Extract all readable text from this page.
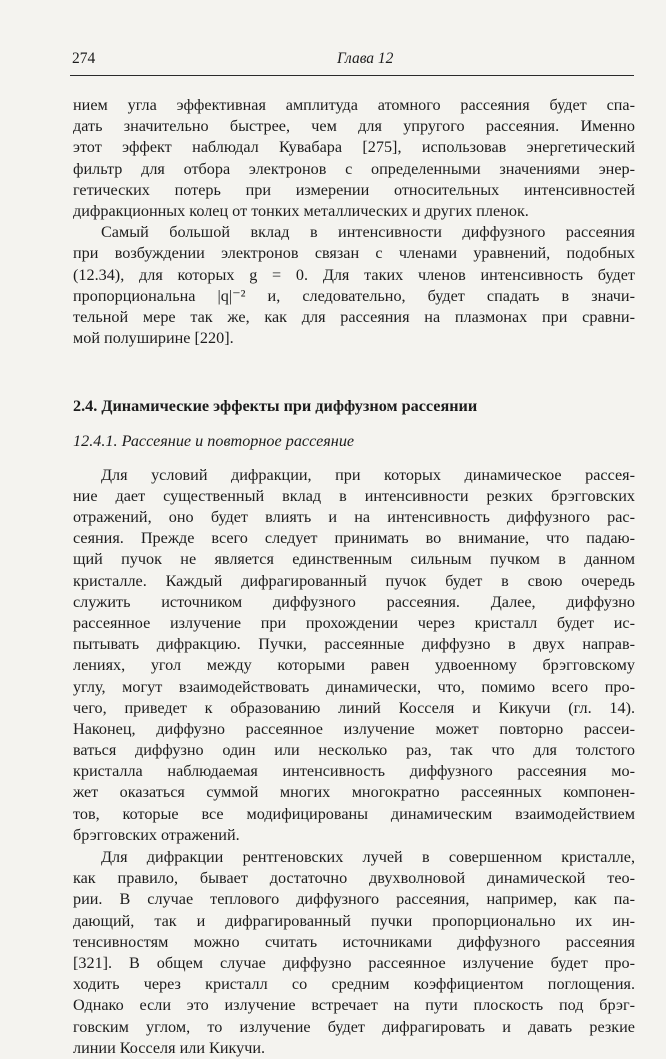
274	Глава 12
нием угла эффективная амплитуда атомного рассеяния будет спа-
дать значительно быстрее, чем для упругого рассеяния. Именно
этот эффект наблюдал Кувабара [275], использовав энергетический
фильтр для отбора электронов с определенными значениями энер-
гетических потерь при измерении относительных интенсивностей
дифракционных колец от тонких металлических и других пленок.
Самый большой вклад в интенсивности диффузного рассеяния
при возбуждении электронов связан с членами уравнений, подобных
(12.34), для которых g = 0. Для таких членов интенсивность будет
пропорциональна |q|⁻² и, следовательно, будет спадать в значи-
тельной мере так же, как для рассеяния на плазмонах при сравни-
мой полуширине [220].
2.4. Динамические эффекты при диффузном рассеянии
12.4.1. Рассеяние и повторное рассеяние
Для условий дифракции, при которых динамическое рассея-
ние дает существенный вклад в интенсивности резких брэгговских
отражений, оно будет влиять и на интенсивность диффузного рас-
сеяния. Прежде всего следует принимать во внимание, что падаю-
щий пучок не является единственным сильным пучком в данном
кристалле. Каждый дифрагированный пучок будет в свою очередь
служить источником диффузного рассеяния. Далее, диффузно
рассеянное излучение при прохождении через кристалл будет ис-
пытывать дифракцию. Пучки, рассеянные диффузно в двух направ-
лениях, угол между которыми равен удвоенному брэгговскому
углу, могут взаимодействовать динамически, что, помимо всего про-
чего, приведет к образованию линий Косселя и Кикучи (гл. 14).
Наконец, диффузно рассеянное излучение может повторно рассеи-
ваться диффузно один или несколько раз, так что для толстого
кристалла наблюдаемая интенсивность диффузного рассеяния мо-
жет оказаться суммой многих многократно рассеянных компонен-
тов, которые все модифицированы динамическим взаимодействием
брэгговских отражений.
Для дифракции рентгеновских лучей в совершенном кристалле,
как правило, бывает достаточно двухволновой динамической тео-
рии. В случае теплового диффузного рассеяния, например, как па-
дающий, так и дифрагированный пучки пропорционально их ин-
тенсивностям можно считать источниками диффузного рассеяния
[321]. В общем случае диффузно рассеянное излучение будет про-
ходить через кристалл со средним коэффициентом поглощения.
Однако если это излучение встречает на пути плоскость под брэг-
говским углом, то излучение будет дифрагировать и давать резкие
линии Косселя или Кикучи.
